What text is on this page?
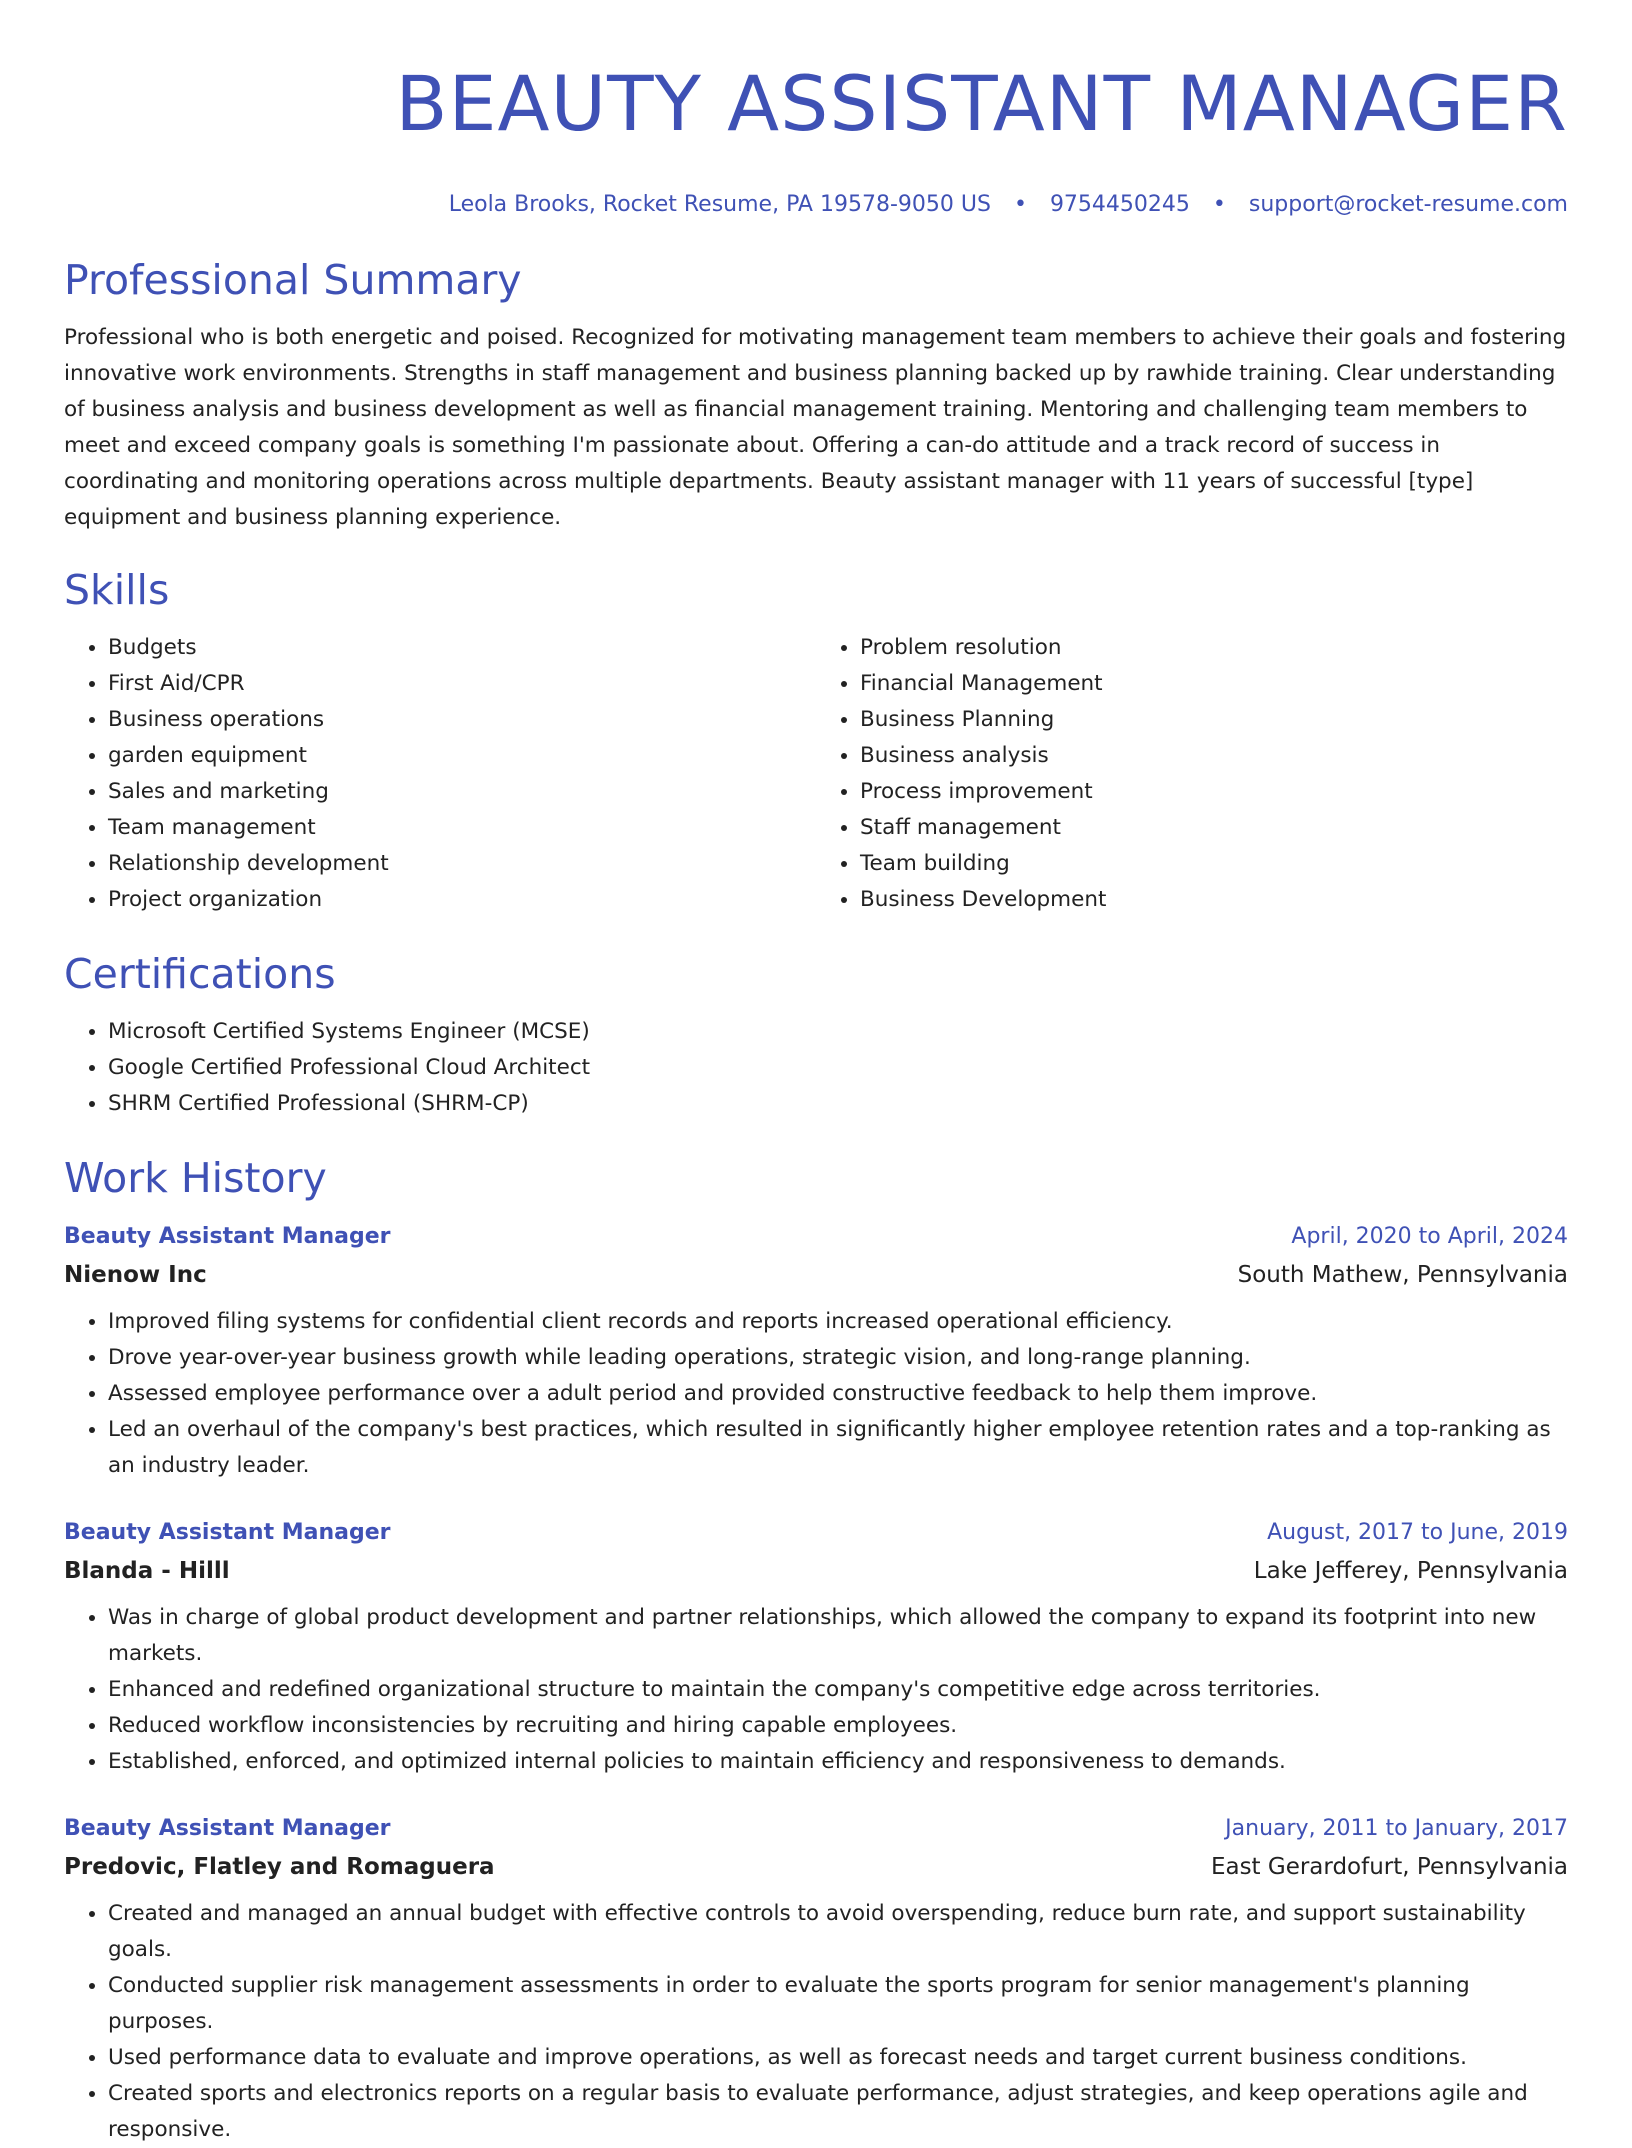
BEAUTY ASSISTANT MANAGER
Leola Brooks, Rocket Resume, PA 19578-9050 US • 9754450245 • support@rocket-resume.com
Professional Summary

Professional who is both energetic and poised. Recognized for motivating management team members to achieve their goals and fostering innovative work environments. Strengths in staff management and business planning backed up by rawhide training. Clear understanding of business analysis and business development as well as financial management training. Mentoring and challenging team members to meet and exceed company goals is something I'm passionate about. Offering a can-do attitude and a track record of success in coordinating and monitoring operations across multiple departments. Beauty assistant manager with 11 years of successful [type] equipment and business planning experience.

Skills
• Budgets
• First Aid/CPR
• Business operations
• garden equipment
• Sales and marketing
• Team management
• Relationship development
• Project organization
• Problem resolution
• Financial Management
• Business Planning
• Business analysis
• Process improvement
• Staff management
• Team building
• Business Development
Certifications
• Microsoft Certified Systems Engineer (MCSE)
• Google Certified Professional Cloud Architect
• SHRM Certified Professional (SHRM-CP)
Work History
Beauty Assistant Manager	April, 2020 to April, 2024
Nienow Inc	South Mathew, Pennsylvania
• Improved filing systems for confidential client records and reports increased operational efficiency.
• Drove year-over-year business growth while leading operations, strategic vision, and long-range planning.
• Assessed employee performance over a adult period and provided constructive feedback to help them improve.
• Led an overhaul of the company's best practices, which resulted in significantly higher employee retention rates and a top-ranking as an industry leader.
Beauty Assistant Manager	August, 2017 to June, 2019
Blanda - Hilll	Lake Jefferey, Pennsylvania
• Was in charge of global product development and partner relationships, which allowed the company to expand its footprint into new markets.
• Enhanced and redefined organizational structure to maintain the company's competitive edge across territories.
• Reduced workflow inconsistencies by recruiting and hiring capable employees.
• Established, enforced, and optimized internal policies to maintain efficiency and responsiveness to demands.
Beauty Assistant Manager	January, 2011 to January, 2017
Predovic, Flatley and Romaguera	East Gerardofurt, Pennsylvania
• Created and managed an annual budget with effective controls to avoid overspending, reduce burn rate, and support sustainability goals.
• Conducted supplier risk management assessments in order to evaluate the sports program for senior management's planning purposes.
• Used performance data to evaluate and improve operations, as well as forecast needs and target current business conditions.
• Created sports and electronics reports on a regular basis to evaluate performance, adjust strategies, and keep operations agile and responsive.
